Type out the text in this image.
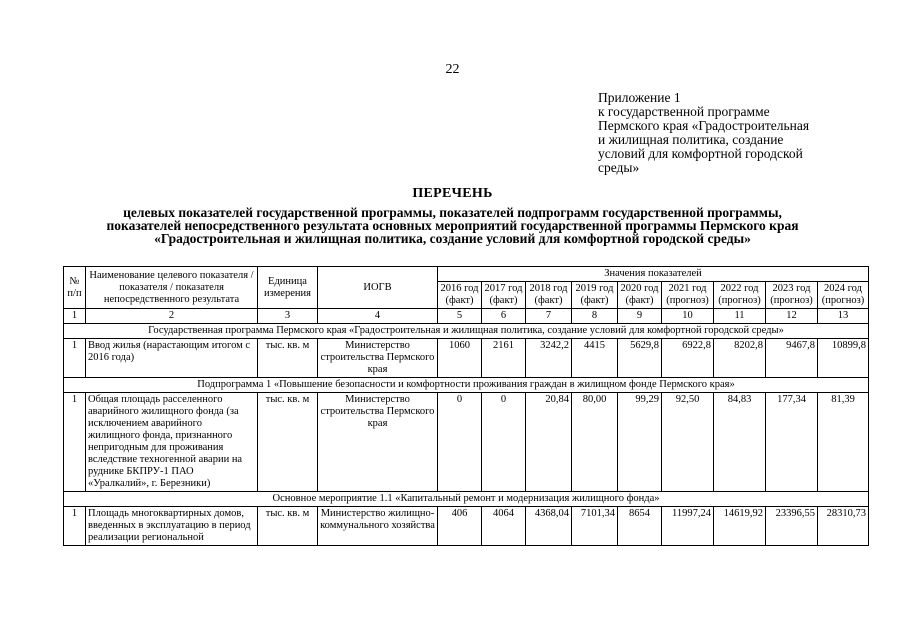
22
Приложение 1
к государственной программе
Пермского края «Градостроительная
и жилищная политика, создание
условий для комфортной городской
среды»
ПЕРЕЧЕНЬ
целевых показателей государственной программы, показателей подпрограмм государственной программы,
показателей непосредственного результата основных мероприятий государственной программы Пермского края
«Градостроительная и жилищная политика, создание условий для комфортной городской среды»
№ п/п	Наименование целевого показателя / показателя / показателя непосредственного результата	Единица измерения	ИОГВ	Значения показателей								
				2016 год (факт)	2017 год (факт)	2018 год (факт)	2019 год (факт)	2020 год (факт)	2021 год (прогноз)	2022 год (прогноз)	2023 год (прогноз)	2024 год (прогноз)
1	2	3	4	5	6	7	8	9	10	11	12	13
Государственная программа Пермского края «Градостроительная и жилищная политика, создание условий для комфортной городской среды»												
1	Ввод жилья (нарастающим итогом с 2016 года)	тыс. кв. м	Министерство строительства Пермского края	1060	2161	3242,2	4415	5629,8	6922,8	8202,8	9467,8	10899,8
Подпрограмма 1 «Повышение безопасности и комфортности проживания граждан в жилищном фонде Пермского края»												
1	Общая площадь расселенного аварийного жилищного фонда (за исключением аварийного жилищного фонда, признанного непригодным для проживания вследствие техногенной аварии на руднике БКПРУ-1 ПАО «Уралкалий», г. Березники)	тыс. кв. м	Министерство строительства Пермского края	0	0	20,84	80,00	99,29	92,50	84,83	177,34	81,39
Основное мероприятие 1.1 «Капитальный ремонт и модернизация жилищного фонда»												
1	Площадь многоквартирных домов, введенных в эксплуатацию в период реализации региональной	тыс. кв. м	Министерство жилищно-коммунального хозяйства	406	4064	4368,04	7101,34	8654	11997,24	14619,92	23396,55	28310,73
